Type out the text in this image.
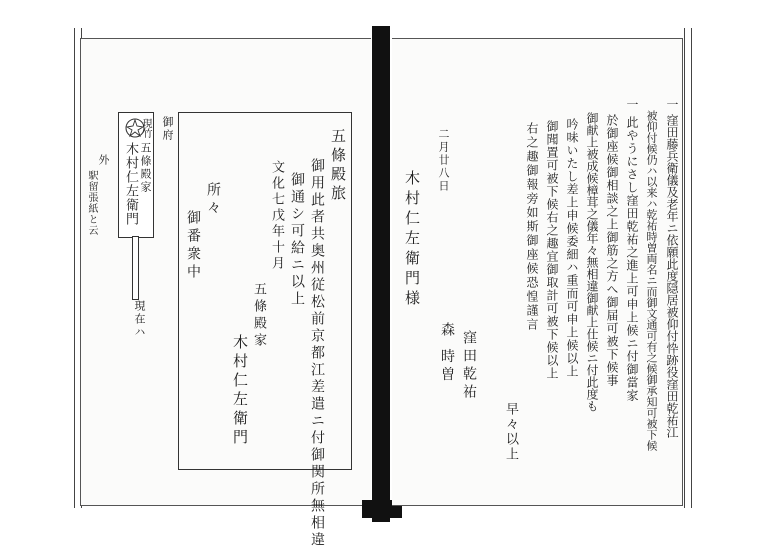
外
駅留張紙と云
現在ハ
現竹
五條殿家
木村仁左衛門
御府	五條殿旅
御用此者共奥州従松前京都江差遣ニ付御関所無相違
御通シ可給ニ以上
文化七戊年十月
五條殿家
木村仁左衛門
所々
御番衆中	一 窪田藤兵衛儀及老年ニ依願此度隠居被仰付忰跡役窪田乾祐江
被仰付候仍ハ以来ハ乾祐時曽両名ニ而御文通可有之候御承知可被下候
一 此やうにさし窪田乾祐之進上可申上候ニ付御當家
於御座候御相談之上御筋之方へ御届可被下候事
御献上被成候樟茸之儀年々無相違御献上仕候ニ付此度も
吟味いたし差上申候委細ハ重而可申上候以上
御聞置可被下候右之趣宜御取計可被下候以上
右之趣御報旁如斯御座候恐惶謹言
早々以上
窪田乾祐
森 時曽
二月廿八日
木村仁左衛門様
